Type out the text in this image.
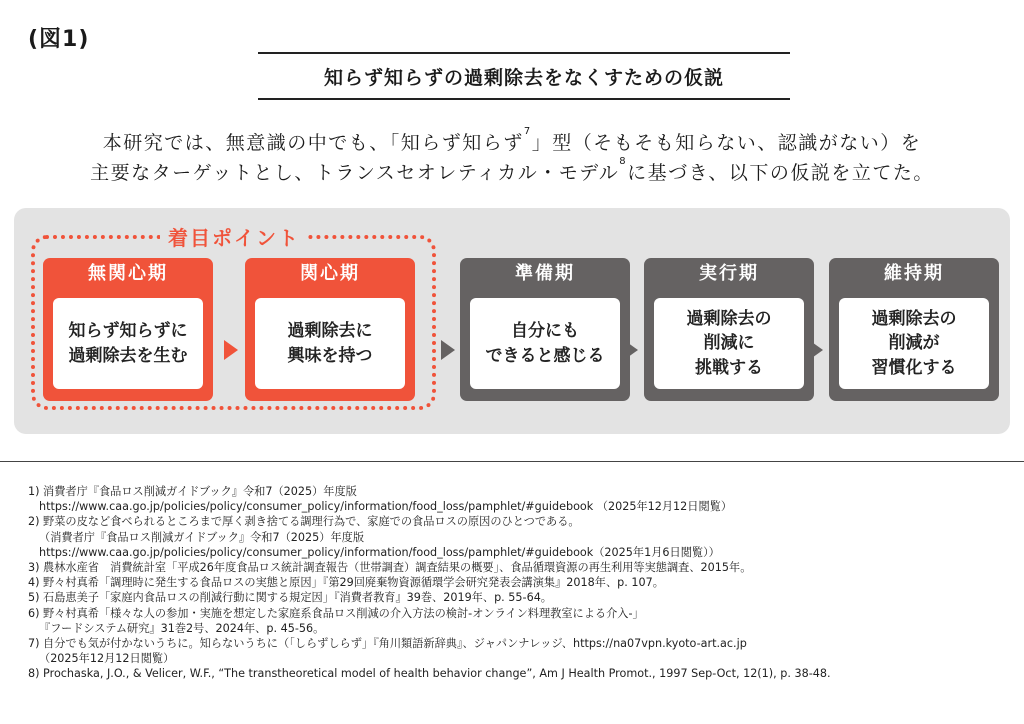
(図1)
知らず知らずの過剰除去をなくすための仮説
本研究では、無意識の中でも、「知らず知らず$^7$」型（そもそも知らない、認識がない）を
主要なターゲットとし、トランスセオレティカル・モデル$^8$に基づき、以下の仮説を立てた。
着目ポイント
無関心期
知らず知らずに
過剰除去を生む
関心期
過剰除去に
興味を持つ
準備期
自分にも
できると感じる
実行期
過剰除去の
削減に
挑戦する
維持期
過剰除去の
削減が
習慣化する
1) 消費者庁『食品ロス削減ガイドブック』令和7（2025）年度版
https://www.caa.go.jp/policies/policy/consumer_policy/information/food_loss/pamphlet/#guidebook （2025年12月12日閲覧）
2) 野菜の皮など食べられるところまで厚く剥き捨てる調理行為で、家庭での食品ロスの原因のひとつである。
（消費者庁『食品ロス削減ガイドブック』令和7（2025）年度版
https://www.caa.go.jp/policies/policy/consumer_policy/information/food_loss/pamphlet/#guidebook（2025年1月6日閲覧））
3) 農林水産省　消費統計室「平成26年度食品ロス統計調査報告（世帯調査）調査結果の概要」、食品循環資源の再生利用等実態調査、2015年。
4) 野々村真希「調理時に発生する食品ロスの実態と原因」『第29回廃棄物資源循環学会研究発表会講演集』2018年、p. 107。
5) 石島恵美子「家庭内食品ロスの削減行動に関する規定因」『消費者教育』39巻、2019年、p. 55-64。
6) 野々村真希「様々な人の参加・実施を想定した家庭系食品ロス削減の介入方法の検討-オンライン料理教室による介入-」
『フードシステム研究』31巻2号、2024年、p. 45-56。
7) 自分でも気が付かないうちに。知らないうちに（「しらずしらず」『角川類語新辞典』、ジャパンナレッジ、https://na07vpn.kyoto-art.ac.jp
（2025年12月12日閲覧）
8) Prochaska, J.O., & Velicer, W.F., “The transtheoretical model of health behavior change”, Am J Health Promot., 1997 Sep-Oct, 12(1), p. 38-48.
